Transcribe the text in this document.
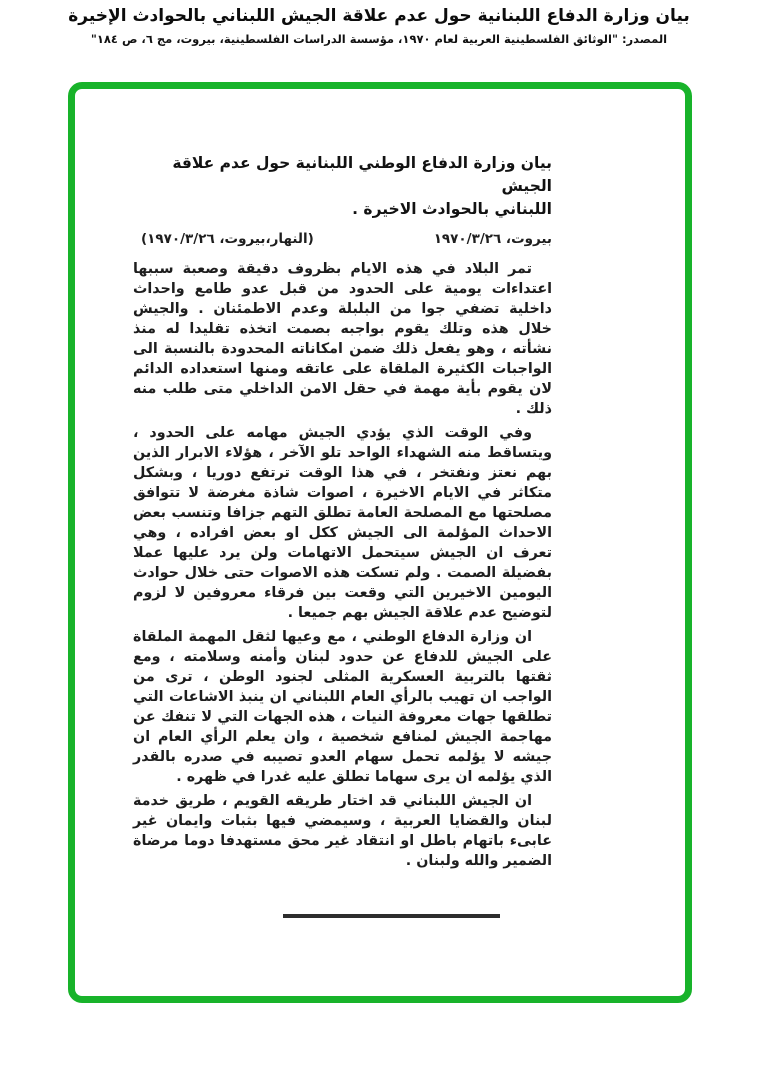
بيان وزارة الدفاع اللبنانية حول عدم علاقة الجيش اللبناني بالحوادث الإخيرة
المصدر: "الوثائق الفلسطينية العربية لعام ١٩٧٠، مؤسسة الدراسات الفلسطينية، بيروت، مج ٦، ص ١٨٤"
بيان وزارة الدفاع الوطني اللبنانية حول عدم علاقة الجيش
اللبناني بالحوادث الاخيرة .
بيروت، ١٩٧٠/٣/٢٦
(النهار،بيروت، ١٩٧٠/٣/٢٦)

تمر البلاد في هذه الايام بظروف دقيقة وصعبة سببها اعتداءات يومية على الحدود من قبل عدو طامع واحداث داخلية تضفي جوا من البلبلة وعدم الاطمئنان . والجيش خلال هذه وتلك يقوم بواجبه بصمت اتخذه تقليدا له منذ نشأته ، وهو يفعل ذلك ضمن امكاناته المحدودة بالنسبة الى الواجبات الكثيرة الملقاة على عاتقه ومنها استعداده الدائم لان يقوم بأية مهمة في حقل الامن الداخلي متى طلب منه ذلك .

وفي الوقت الذي يؤدي الجيش مهامه على الحدود ، ويتساقط منه الشهداء الواحد تلو الآخر ، هؤلاء الابرار الذين بهم نعتز ونفتخر ، في هذا الوقت ترتفع دوريا ، وبشكل متكاثر في الايام الاخيرة ، اصوات شاذة مغرضة لا تتوافق مصلحتها مع المصلحة العامة تطلق التهم جزافا وتنسب بعض الاحداث المؤلمة الى الجيش ككل او بعض افراده ، وهي تعرف ان الجيش سيتحمل الاتهامات ولن يرد عليها عملا بفضيلة الصمت . ولم تسكت هذه الاصوات حتى خلال حوادث اليومين الاخيرين التي وقعت بين فرقاء معروفين لا لزوم لتوضيح عدم علاقة الجيش بهم جميعا .

ان وزارة الدفاع الوطني ، مع وعيها لثقل المهمة الملقاة على الجيش للدفاع عن حدود لبنان وأمنه وسلامته ، ومع ثقتها بالتربية العسكرية المثلى لجنود الوطن ، ترى من الواجب ان تهيب بالرأي العام اللبناني ان ينبذ الاشاعات التي تطلقها جهات معروفة النيات ، هذه الجهات التي لا تنفك عن مهاجمة الجيش لمنافع شخصية ، وان يعلم الرأي العام ان جيشه لا يؤلمه تحمل سهام العدو تصيبه في صدره بالقدر الذي يؤلمه ان يرى سهاما تطلق عليه غدرا في ظهره .

ان الجيش اللبناني قد اختار طريقه القويم ، طريق خدمة لبنان والقضايا العربية ، وسيمضي فيها بثبات وايمان غير عابىء باتهام باطل او انتقاد غير محق مستهدفا دوما مرضاة الضمير والله ولبنان .
